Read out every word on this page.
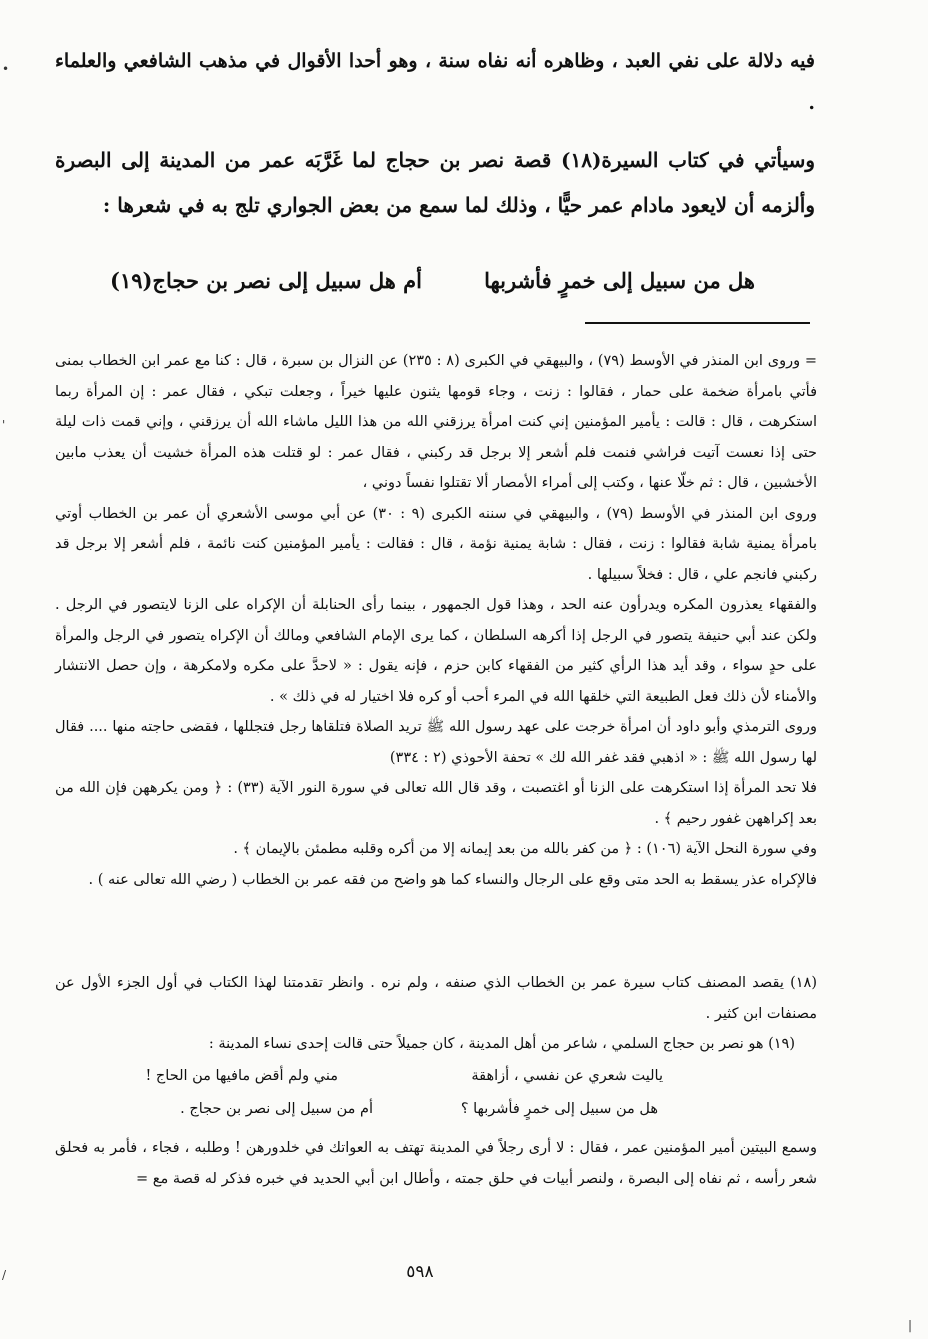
فيه دلالة على نفي العبد ، وظاهره أنه نفاه سنة ، وهو أحدا الأقوال في مذهب الشافعي والعلماء .

وسيأتي في كتاب السيرة(١٨) قصة نصر بن حجاج لما غَرَّبَه عمر من المدينة إلى البصرة وألزمه أن لايعود مادام عمر حيًّا ، وذلك لما سمع من بعض الجواري تلج به في شعرها :

هل من سبيل إلى خمرٍ فأشربها
أم هل سبيل إلى نصر بن حجاج(١٩)

= وروى ابن المنذر في الأوسط (٧٩) ، والبيهقي في الكبرى (٨ : ٢٣٥) عن النزال بن سبرة ، قال : كنا مع عمر ابن الخطاب بمنى فأتي بامرأة ضخمة على حمار ، فقالوا : زنت ، وجاء قومها يثنون عليها خيراً ، وجعلت تبكي ، فقال عمر : إن المرأة ربما استكرهت ، قال : قالت : يأمير المؤمنين إني كنت امرأة يرزقني الله من هذا الليل ماشاء الله أن يرزقني ، وإني قمت ذات ليلة حتى إذا نعست آتيت فراشي فنمت فلم أشعر إلا برجل قد ركبني ، فقال عمر : لو قتلت هذه المرأة خشيت أن يعذب مابين الأخشبين ، قال : ثم خلّا عنها ، وكتب إلى أمراء الأمصار ألا تقتلوا نفساً دوني ،

وروى ابن المنذر في الأوسط (٧٩) ، والبيهقي في سننه الكبرى (٩ : ٣٠) عن أبي موسى الأشعري أن عمر بن الخطاب أوتي بامرأة يمنية شابة فقالوا : زنت ، فقال : شابة يمنية نؤمة ، قال : فقالت : يأمير المؤمنين كنت نائمة ، فلم أشعر إلا برجل قد ركبني فانجم علي ، قال : فخلاً سبيلها .

والفقهاء يعذرون المكره ويدرأون عنه الحد ، وهذا قول الجمهور ، بينما رأى الحنابلة أن الإكراه على الزنا لايتصور في الرجل . ولكن عند أبي حنيفة يتصور في الرجل إذا أكرهه السلطان ، كما يرى الإمام الشافعي ومالك أن الإكراه يتصور في الرجل والمرأة على حدٍ سواء ، وقد أيد هذا الرأي كثير من الفقهاء كابن حزم ، فإنه يقول : « لاحدَّ على مكره ولامكرهة ، وإن حصل الانتشار والأمناء لأن ذلك فعل الطبيعة التي خلقها الله في المرء أحب أو كره فلا اختيار له في ذلك » .

وروى الترمذي وأبو داود أن امرأة خرجت على عهد رسول الله ﷺ تريد الصلاة فتلقاها رجل فتجللها ، فقضى حاجته منها .... فقال لها رسول الله ﷺ : « اذهبي فقد غفر الله لك » تحفة الأحوذي (٢ : ٣٣٤)

فلا تحد المرأة إذا استكرهت على الزنا أو اغتصبت ، وقد قال الله تعالى في سورة النور الآية (٣٣) : ﴿ ومن يكرههن فإن الله من بعد إكراههن غفور رحيم ﴾ .

وفي سورة النحل الآية (١٠٦) : ﴿ من كفر بالله من بعد إيمانه إلا من أكره وقلبه مطمئن بالإيمان ﴾ .

فالإكراه عذر يسقط به الحد متى وقع على الرجال والنساء كما هو واضح من فقه عمر بن الخطاب ( رضي الله تعالى عنه ) .

(١٨) يقصد المصنف كتاب سيرة عمر بن الخطاب الذي صنفه ، ولم نره . وانظر تقدمتنا لهذا الكتاب في أول الجزء الأول عن مصنفات ابن كثير .

(١٩) هو نصر بن حجاج السلمي ، شاعر من أهل المدينة ، كان جميلاً حتى قالت إحدى نساء المدينة :

ياليت شعري عن نفسي ، أزاهقة
مني ولم أقض مافيها من الحاج !
هل من سبيل إلى خمرٍ فأشربها ؟
أم من سبيل إلى نصر بن حجاج .

وسمع البيتين أمير المؤمنين عمر ، فقال : لا أرى رجلاً في المدينة تهتف به العواتك في خلدورهن ! وطلبه ، فجاء ، فأمر به فحلق شعر رأسه ، ثم نفاه إلى البصرة ، ولنصر أبيات في حلق جمته ، وأطال ابن أبي الحديد في خبره فذكر له قصة مع =

٥٩٨
•
'
/
|
